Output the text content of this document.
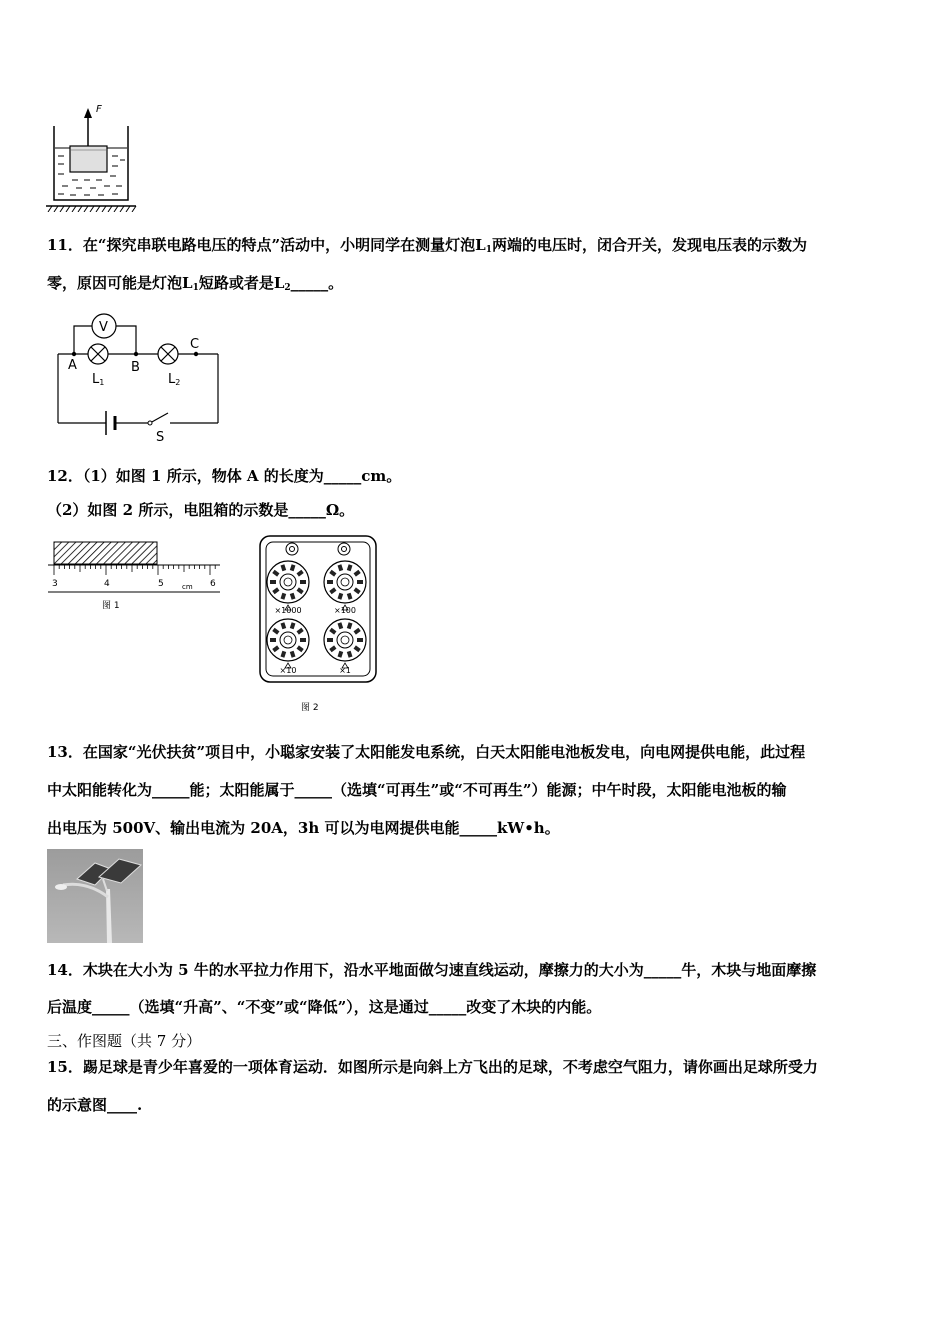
F
11．在“探究串联电路电压的特点”活动中，小明同学在测量灯泡$L_1$两端的电压时，闭合开关，发现电压表的示数为
零，原因可能是灯泡$L_1$短路或者是$L_2\_\_\_\_\_$。
V
A	B
C
L1	L2
S
12．（1）如图 1 所示，物体 A 的长度为_____cm。
（2）如图 2 所示，电阻箱的示数是_____Ω。
3	4	5	6
cm
图 1	×1000	×100
×10	×1
图 2
13．在国家“光伏扶贫”项目中，小聪家安装了太阳能发电系统，白天太阳能电池板发电，向电网提供电能，此过程
中太阳能转化为_____能；太阳能属于_____（选填“可再生”或“不可再生”）能源；中午时段，太阳能电池板的输
出电压为 500V、输出电流为 20A，3h 可以为电网提供电能_____kW•h。
14．木块在大小为 5 牛的水平拉力作用下，沿水平地面做匀速直线运动，摩擦力的大小为_____牛，木块与地面摩擦
后温度_____（选填“升高”、“不变”或“降低”），这是通过_____改变了木块的内能。
三、作图题（共 7 分）
15．踢足球是青少年喜爱的一项体育运动．如图所示是向斜上方飞出的足球，不考虑空气阻力，请你画出足球所受力
的示意图____.
